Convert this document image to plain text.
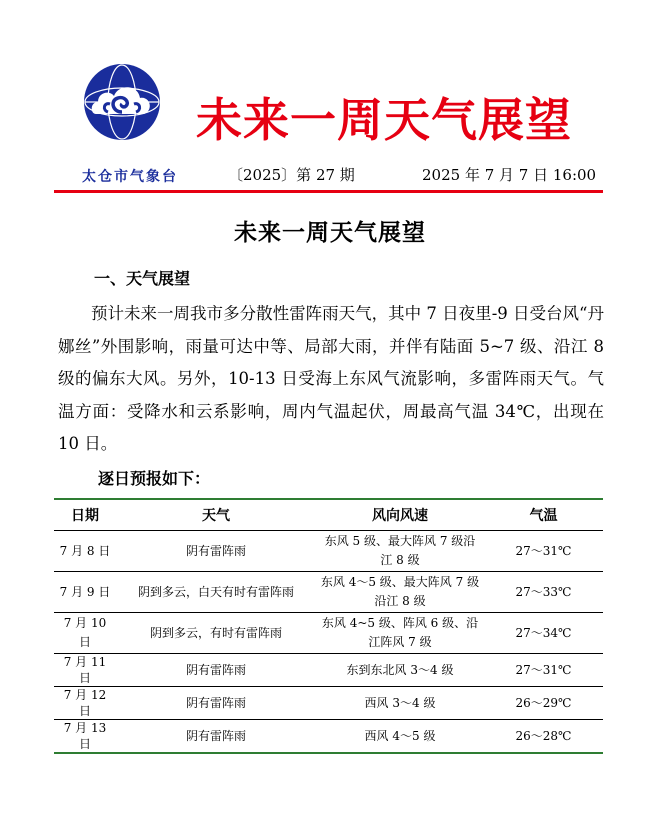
未来一周天气展望
太仓市气象台	〔2025〕第 27 期	2025 年 7 月 7 日 16:00
未来一周天气展望
一、天气展望

预计未来一周我市多分散性雷阵雨天气，其中 7 日夜里-9 日受台风“丹娜丝”外围影响，雨量可达中等、局部大雨，并伴有陆面 5~7 级、沿江 8 级的偏东大风。另外，10-13 日受海上东风气流影响，多雷阵雨天气。气温方面：受降水和云系影响，周内气温起伏，周最高气温 34℃，出现在 10 日。

逐日预报如下：
日期	天气	风向风速	气温
7 月 8 日	阴有雷阵雨	东风 5 级、最大阵风 7 级沿江 8 级	27～31℃
7 月 9 日	阴到多云，白天有时有雷阵雨	东风 4～5 级、最大阵风 7 级沿江 8 级	27～33℃
7 月 10 日	阴到多云，有时有雷阵雨	东风 4~5 级、阵风 6 级、沿江阵风 7 级	27～34℃
7 月 11 日	阴有雷阵雨	东到东北风 3～4 级	27～31℃
7 月 12 日	阴有雷阵雨	西风 3～4 级	26～29℃
7 月 13 日	阴有雷阵雨	西风 4～5 级	26～28℃
